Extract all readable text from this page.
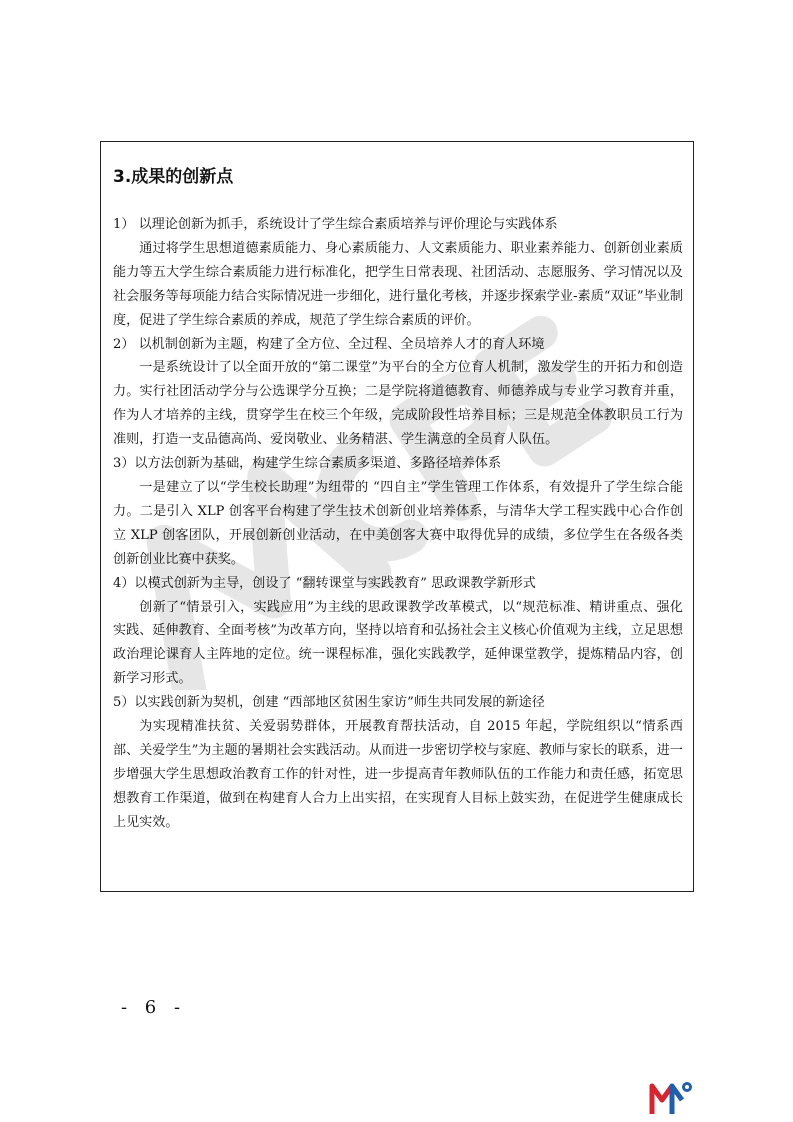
3.成果的创新点

1） 以理论创新为抓手，系统设计了学生综合素质培养与评价理论与实践体系

通过将学生思想道德素质能力、身心素质能力、人文素质能力、职业素养能力、创新创业素质能力等五大学生综合素质能力进行标准化，把学生日常表现、社团活动、志愿服务、学习情况以及社会服务等每项能力结合实际情况进一步细化，进行量化考核，并逐步探索学业-素质“双证”毕业制度，促进了学生综合素质的养成，规范了学生综合素质的评价。

2） 以机制创新为主题，构建了全方位、全过程、全员培养人才的育人环境

一是系统设计了以全面开放的“第二课堂”为平台的全方位育人机制，激发学生的开拓力和创造力。实行社团活动学分与公选课学分互换；二是学院将道德教育、师德养成与专业学习教育并重，作为人才培养的主线，贯穿学生在校三个年级，完成阶段性培养目标；三是规范全体教职员工行为准则，打造一支品德高尚、爱岗敬业、业务精湛、学生满意的全员育人队伍。

3）以方法创新为基础，构建学生综合素质多渠道、多路径培养体系

一是建立了以“学生校长助理”为纽带的 “四自主”学生管理工作体系，有效提升了学生综合能力。二是引入 XLP 创客平台构建了学生技术创新创业培养体系，与清华大学工程实践中心合作创立 XLP 创客团队，开展创新创业活动，在中美创客大赛中取得优异的成绩，多位学生在各级各类创新创业比赛中获奖。

4）以模式创新为主导，创设了 “翻转课堂与实践教育” 思政课教学新形式

创新了“情景引入，实践应用”为主线的思政课教学改革模式，以“规范标准、精讲重点、强化实践、延伸教育、全面考核”为改革方向，坚持以培育和弘扬社会主义核心价值观为主线，立足思想政治理论课育人主阵地的定位。统一课程标准，强化实践教学，延伸课堂教学，提炼精品内容，创新学习形式。

5）以实践创新为契机，创建 “西部地区贫困生家访”师生共同发展的新途径

为实现精准扶贫、关爱弱势群体，开展教育帮扶活动，自 2015 年起，学院组织以“情系西部、关爱学生”为主题的暑期社会实践活动。从而进一步密切学校与家庭、教师与家长的联系，进一步增强大学生思想政治教育工作的针对性，进一步提高青年教师队伍的工作能力和责任感，拓宽思想教育工作渠道，做到在构建育人合力上出实招，在实现育人目标上鼓实劲，在促进学生健康成长上见实效。

- 6 -
